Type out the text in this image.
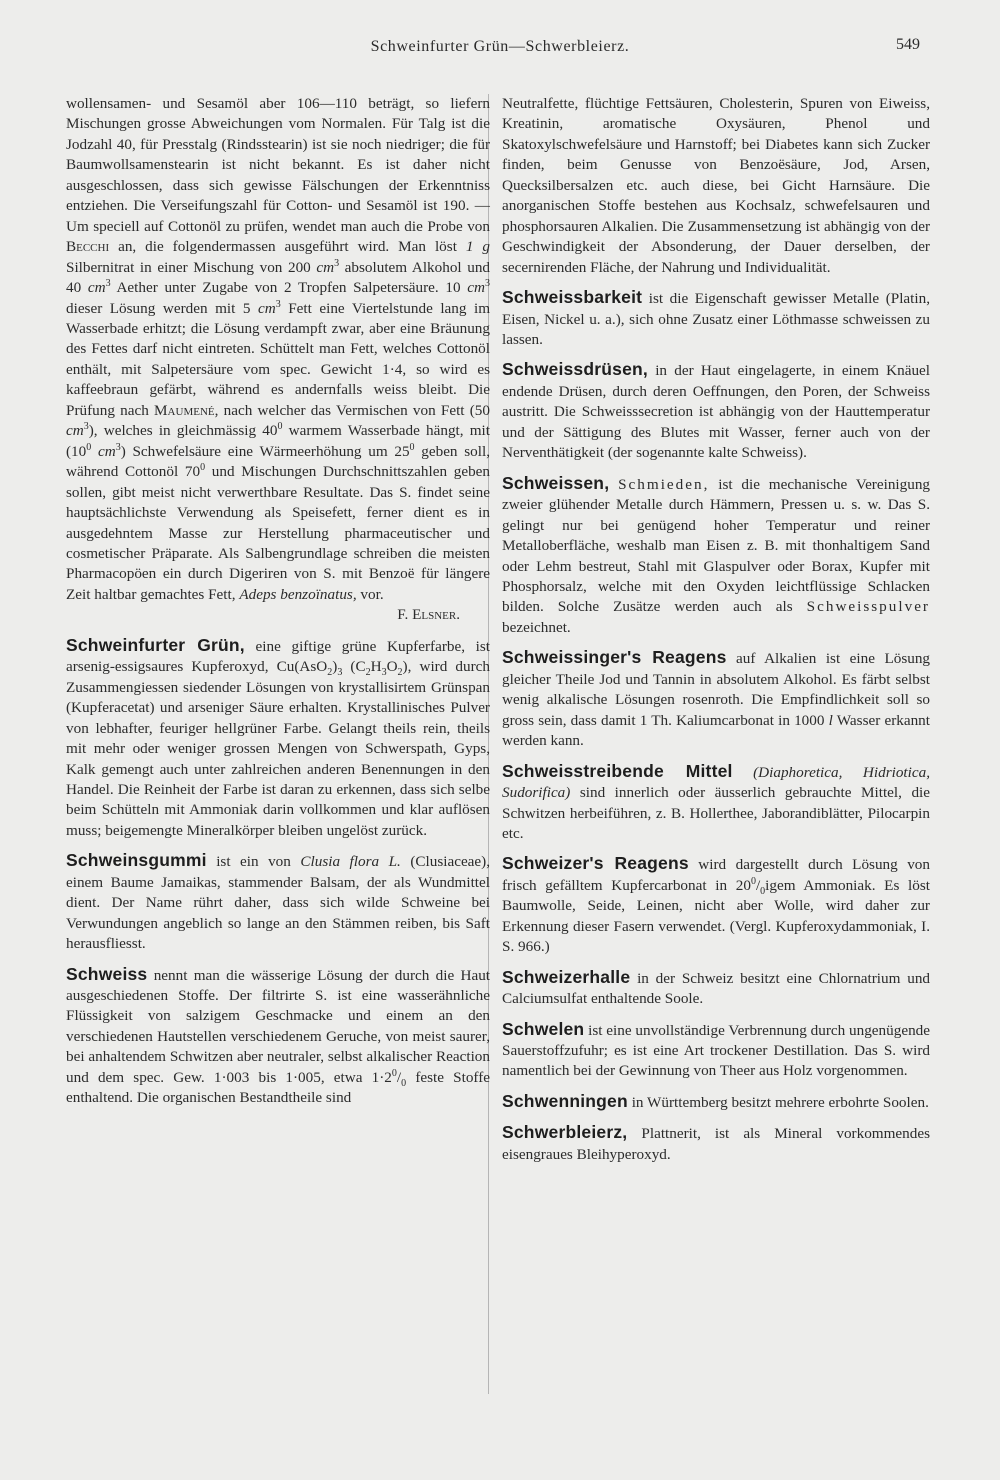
Schweinfurter Grün—Schwerbleierz.	549

wollensamen- und Sesamöl aber 106—110 beträgt, so liefern Mischungen grosse Abweichungen vom Normalen. Für Talg ist die Jodzahl 40, für Presstalg (Rindsstearin) ist sie noch niedriger; die für Baumwollsamenstearin ist nicht bekannt. Es ist daher nicht ausgeschlossen, dass sich gewisse Fälschungen der Erkenntniss entziehen. Die Verseifungszahl für Cotton- und Sesamöl ist 190. — Um speciell auf Cottonöl zu prüfen, wendet man auch die Probe von Becchi an, die folgendermassen ausgeführt wird. Man löst 1 g Silbernitrat in einer Mischung von 200 $cm^3$ absolutem Alkohol und 40 $cm^3$ Aether unter Zugabe von 2 Tropfen Salpetersäure. 10 $cm^3$ dieser Lösung werden mit 5 $cm^3$ Fett eine Viertelstunde lang im Wasserbade erhitzt; die Lösung verdampft zwar, aber eine Bräunung des Fettes darf nicht eintreten. Schüttelt man Fett, welches Cottonöl enthält, mit Salpetersäure vom spec. Gewicht 1·4, so wird es kaffeebraun gefärbt, während es andernfalls weiss bleibt. Die Prüfung nach Maumené, nach welcher das Vermischen von Fett (50 $cm^3$), welches in gleichmässig $40^0$ warmem Wasserbade hängt, mit ($10^0$ $cm^3$) Schwefelsäure eine Wärmeerhöhung um $25^0$ geben soll, während Cottonöl $70^0$ und Mischungen Durchschnittszahlen geben sollen, gibt meist nicht verwerthbare Resultate. Das S. findet seine hauptsächlichste Verwendung als Speisefett, ferner dient es in ausgedehntem Masse zur Herstellung pharmaceutischer und cosmetischer Präparate. Als Salbengrundlage schreiben die meisten Pharmacopöen ein durch Digeriren von S. mit Benzoë für längere Zeit haltbar gemachtes Fett, Adeps benzoïnatus, vor.

F. Elsner.

Schweinfurter Grün, eine giftige grüne Kupferfarbe, ist arsenig-essigsaures Kupferoxyd, $Cu(AsO_2)_3$ $(C_2H_3O_2)$, wird durch Zusammengiessen siedender Lösungen von krystallisirtem Grünspan (Kupferacetat) und arseniger Säure erhalten. Krystallinisches Pulver von lebhafter, feuriger hellgrüner Farbe. Gelangt theils rein, theils mit mehr oder weniger grossen Mengen von Schwerspath, Gyps, Kalk gemengt auch unter zahlreichen anderen Benennungen in den Handel. Die Reinheit der Farbe ist daran zu erkennen, dass sich selbe beim Schütteln mit Ammoniak darin vollkommen und klar auflösen muss; beigemengte Mineralkörper bleiben ungelöst zurück.

Schweinsgummi ist ein von Clusia flora L. (Clusiaceae), einem Baume Jamaikas, stammender Balsam, der als Wundmittel dient. Der Name rührt daher, dass sich wilde Schweine bei Verwundungen angeblich so lange an den Stämmen reiben, bis Saft herausfliesst.

Schweiss nennt man die wässerige Lösung der durch die Haut ausgeschiedenen Stoffe. Der filtrirte S. ist eine wasserähnliche Flüssigkeit von salzigem Geschmacke und einem an den verschiedenen Hautstellen verschiedenem Geruche, von meist saurer, bei anhaltendem Schwitzen aber neutraler, selbst alkalischer Reaction und dem spec. Gew. 1·003 bis 1·005, etwa $1\cdot 2^0/_0$ feste Stoffe enthaltend. Die organischen Bestandtheile sind

Neutralfette, flüchtige Fettsäuren, Cholesterin, Spuren von Eiweiss, Kreatinin, aromatische Oxysäuren, Phenol und Skatoxylschwefelsäure und Harnstoff; bei Diabetes kann sich Zucker finden, beim Genusse von Benzoësäure, Jod, Arsen, Quecksilbersalzen etc. auch diese, bei Gicht Harnsäure. Die anorganischen Stoffe bestehen aus Kochsalz, schwefelsauren und phosphorsauren Alkalien. Die Zusammensetzung ist abhängig von der Geschwindigkeit der Absonderung, der Dauer derselben, der secernirenden Fläche, der Nahrung und Individualität.

Schweissbarkeit ist die Eigenschaft gewisser Metalle (Platin, Eisen, Nickel u. a.), sich ohne Zusatz einer Löthmasse schweissen zu lassen.

Schweissdrüsen, in der Haut eingelagerte, in einem Knäuel endende Drüsen, durch deren Oeffnungen, den Poren, der Schweiss austritt. Die Schweisssecretion ist abhängig von der Hauttemperatur und der Sättigung des Blutes mit Wasser, ferner auch von der Nerventhätigkeit (der sogenannte kalte Schweiss).

Schweissen, Schmieden, ist die mechanische Vereinigung zweier glühender Metalle durch Hämmern, Pressen u. s. w. Das S. gelingt nur bei genügend hoher Temperatur und reiner Metalloberfläche, weshalb man Eisen z. B. mit thonhaltigem Sand oder Lehm bestreut, Stahl mit Glaspulver oder Borax, Kupfer mit Phosphorsalz, welche mit den Oxyden leichtflüssige Schlacken bilden. Solche Zusätze werden auch als Schweisspulver bezeichnet.

Schweissinger's Reagens auf Alkalien ist eine Lösung gleicher Theile Jod und Tannin in absolutem Alkohol. Es färbt selbst wenig alkalische Lösungen rosenroth. Die Empfindlichkeit soll so gross sein, dass damit 1 Th. Kaliumcarbonat in 1000 l Wasser erkannt werden kann.

Schweisstreibende Mittel (Diaphoretica, Hidriotica, Sudorifica) sind innerlich oder äusserlich gebrauchte Mittel, die Schwitzen herbeiführen, z. B. Hollerthee, Jaborandiblätter, Pilocarpin etc.

Schweizer's Reagens wird dargestellt durch Lösung von frisch gefälltem Kupfercarbonat in $20^0/_0igem$ Ammoniak. Es löst Baumwolle, Seide, Leinen, nicht aber Wolle, wird daher zur Erkennung dieser Fasern verwendet. (Vergl. Kupferoxydammoniak, I. S. 966.)

Schweizerhalle in der Schweiz besitzt eine Chlornatrium und Calciumsulfat enthaltende Soole.

Schwelen ist eine unvollständige Verbrennung durch ungenügende Sauerstoffzufuhr; es ist eine Art trockener Destillation. Das S. wird namentlich bei der Gewinnung von Theer aus Holz vorgenommen.

Schwenningen in Württemberg besitzt mehrere erbohrte Soolen.

Schwerbleierz, Plattnerit, ist als Mineral vorkommendes eisengraues Bleihyperoxyd.
